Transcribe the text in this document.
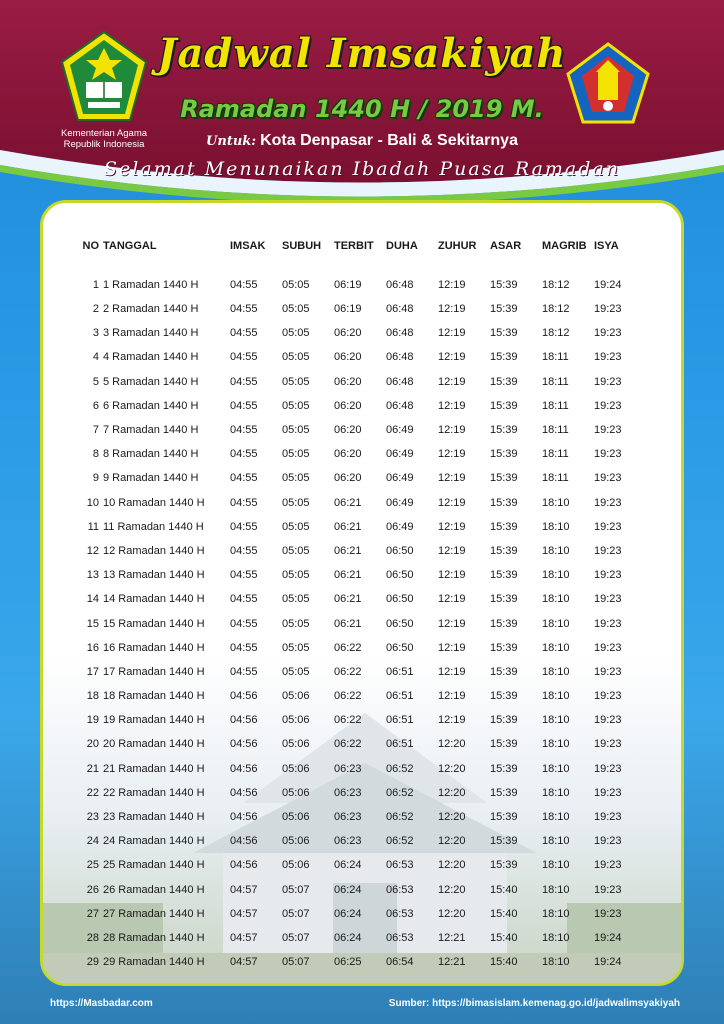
Kementerian Agama
Republik Indonesia
Jadwal Imsakiyah
Ramadan 1440 H / 2019 M.
Untuk: Kota Denpasar - Bali & Sekitarnya
Selamat Menunaikan Ibadah Puasa Ramadan
NO	TANGGAL	IMSAK	SUBUH	TERBIT	DUHA	ZUHUR	ASAR	MAGRIB	ISYA
1	1 Ramadan 1440 H	04:55	05:05	06:19	06:48	12:19	15:39	18:12	19:24
2	2 Ramadan 1440 H	04:55	05:05	06:19	06:48	12:19	15:39	18:12	19:23
3	3 Ramadan 1440 H	04:55	05:05	06:20	06:48	12:19	15:39	18:12	19:23
4	4 Ramadan 1440 H	04:55	05:05	06:20	06:48	12:19	15:39	18:11	19:23
5	5 Ramadan 1440 H	04:55	05:05	06:20	06:48	12:19	15:39	18:11	19:23
6	6 Ramadan 1440 H	04:55	05:05	06:20	06:48	12:19	15:39	18:11	19:23
7	7 Ramadan 1440 H	04:55	05:05	06:20	06:49	12:19	15:39	18:11	19:23
8	8 Ramadan 1440 H	04:55	05:05	06:20	06:49	12:19	15:39	18:11	19:23
9	9 Ramadan 1440 H	04:55	05:05	06:20	06:49	12:19	15:39	18:11	19:23
10	10 Ramadan 1440 H	04:55	05:05	06:21	06:49	12:19	15:39	18:10	19:23
11	11 Ramadan 1440 H	04:55	05:05	06:21	06:49	12:19	15:39	18:10	19:23
12	12 Ramadan 1440 H	04:55	05:05	06:21	06:50	12:19	15:39	18:10	19:23
13	13 Ramadan 1440 H	04:55	05:05	06:21	06:50	12:19	15:39	18:10	19:23
14	14 Ramadan 1440 H	04:55	05:05	06:21	06:50	12:19	15:39	18:10	19:23
15	15 Ramadan 1440 H	04:55	05:05	06:21	06:50	12:19	15:39	18:10	19:23
16	16 Ramadan 1440 H	04:55	05:05	06:22	06:50	12:19	15:39	18:10	19:23
17	17 Ramadan 1440 H	04:55	05:05	06:22	06:51	12:19	15:39	18:10	19:23
18	18 Ramadan 1440 H	04:56	05:06	06:22	06:51	12:19	15:39	18:10	19:23
19	19 Ramadan 1440 H	04:56	05:06	06:22	06:51	12:19	15:39	18:10	19:23
20	20 Ramadan 1440 H	04:56	05:06	06:22	06:51	12:20	15:39	18:10	19:23
21	21 Ramadan 1440 H	04:56	05:06	06:23	06:52	12:20	15:39	18:10	19:23
22	22 Ramadan 1440 H	04:56	05:06	06:23	06:52	12:20	15:39	18:10	19:23
23	23 Ramadan 1440 H	04:56	05:06	06:23	06:52	12:20	15:39	18:10	19:23
24	24 Ramadan 1440 H	04:56	05:06	06:23	06:52	12:20	15:39	18:10	19:23
25	25 Ramadan 1440 H	04:56	05:06	06:24	06:53	12:20	15:39	18:10	19:23
26	26 Ramadan 1440 H	04:57	05:07	06:24	06:53	12:20	15:40	18:10	19:23
27	27 Ramadan 1440 H	04:57	05:07	06:24	06:53	12:20	15:40	18:10	19:23
28	28 Ramadan 1440 H	04:57	05:07	06:24	06:53	12:21	15:40	18:10	19:24
29	29 Ramadan 1440 H	04:57	05:07	06:25	06:54	12:21	15:40	18:10	19:24
https://Masbadar.com	Sumber: https://bimasislam.kemenag.go.id/jadwalimsyakiyah
